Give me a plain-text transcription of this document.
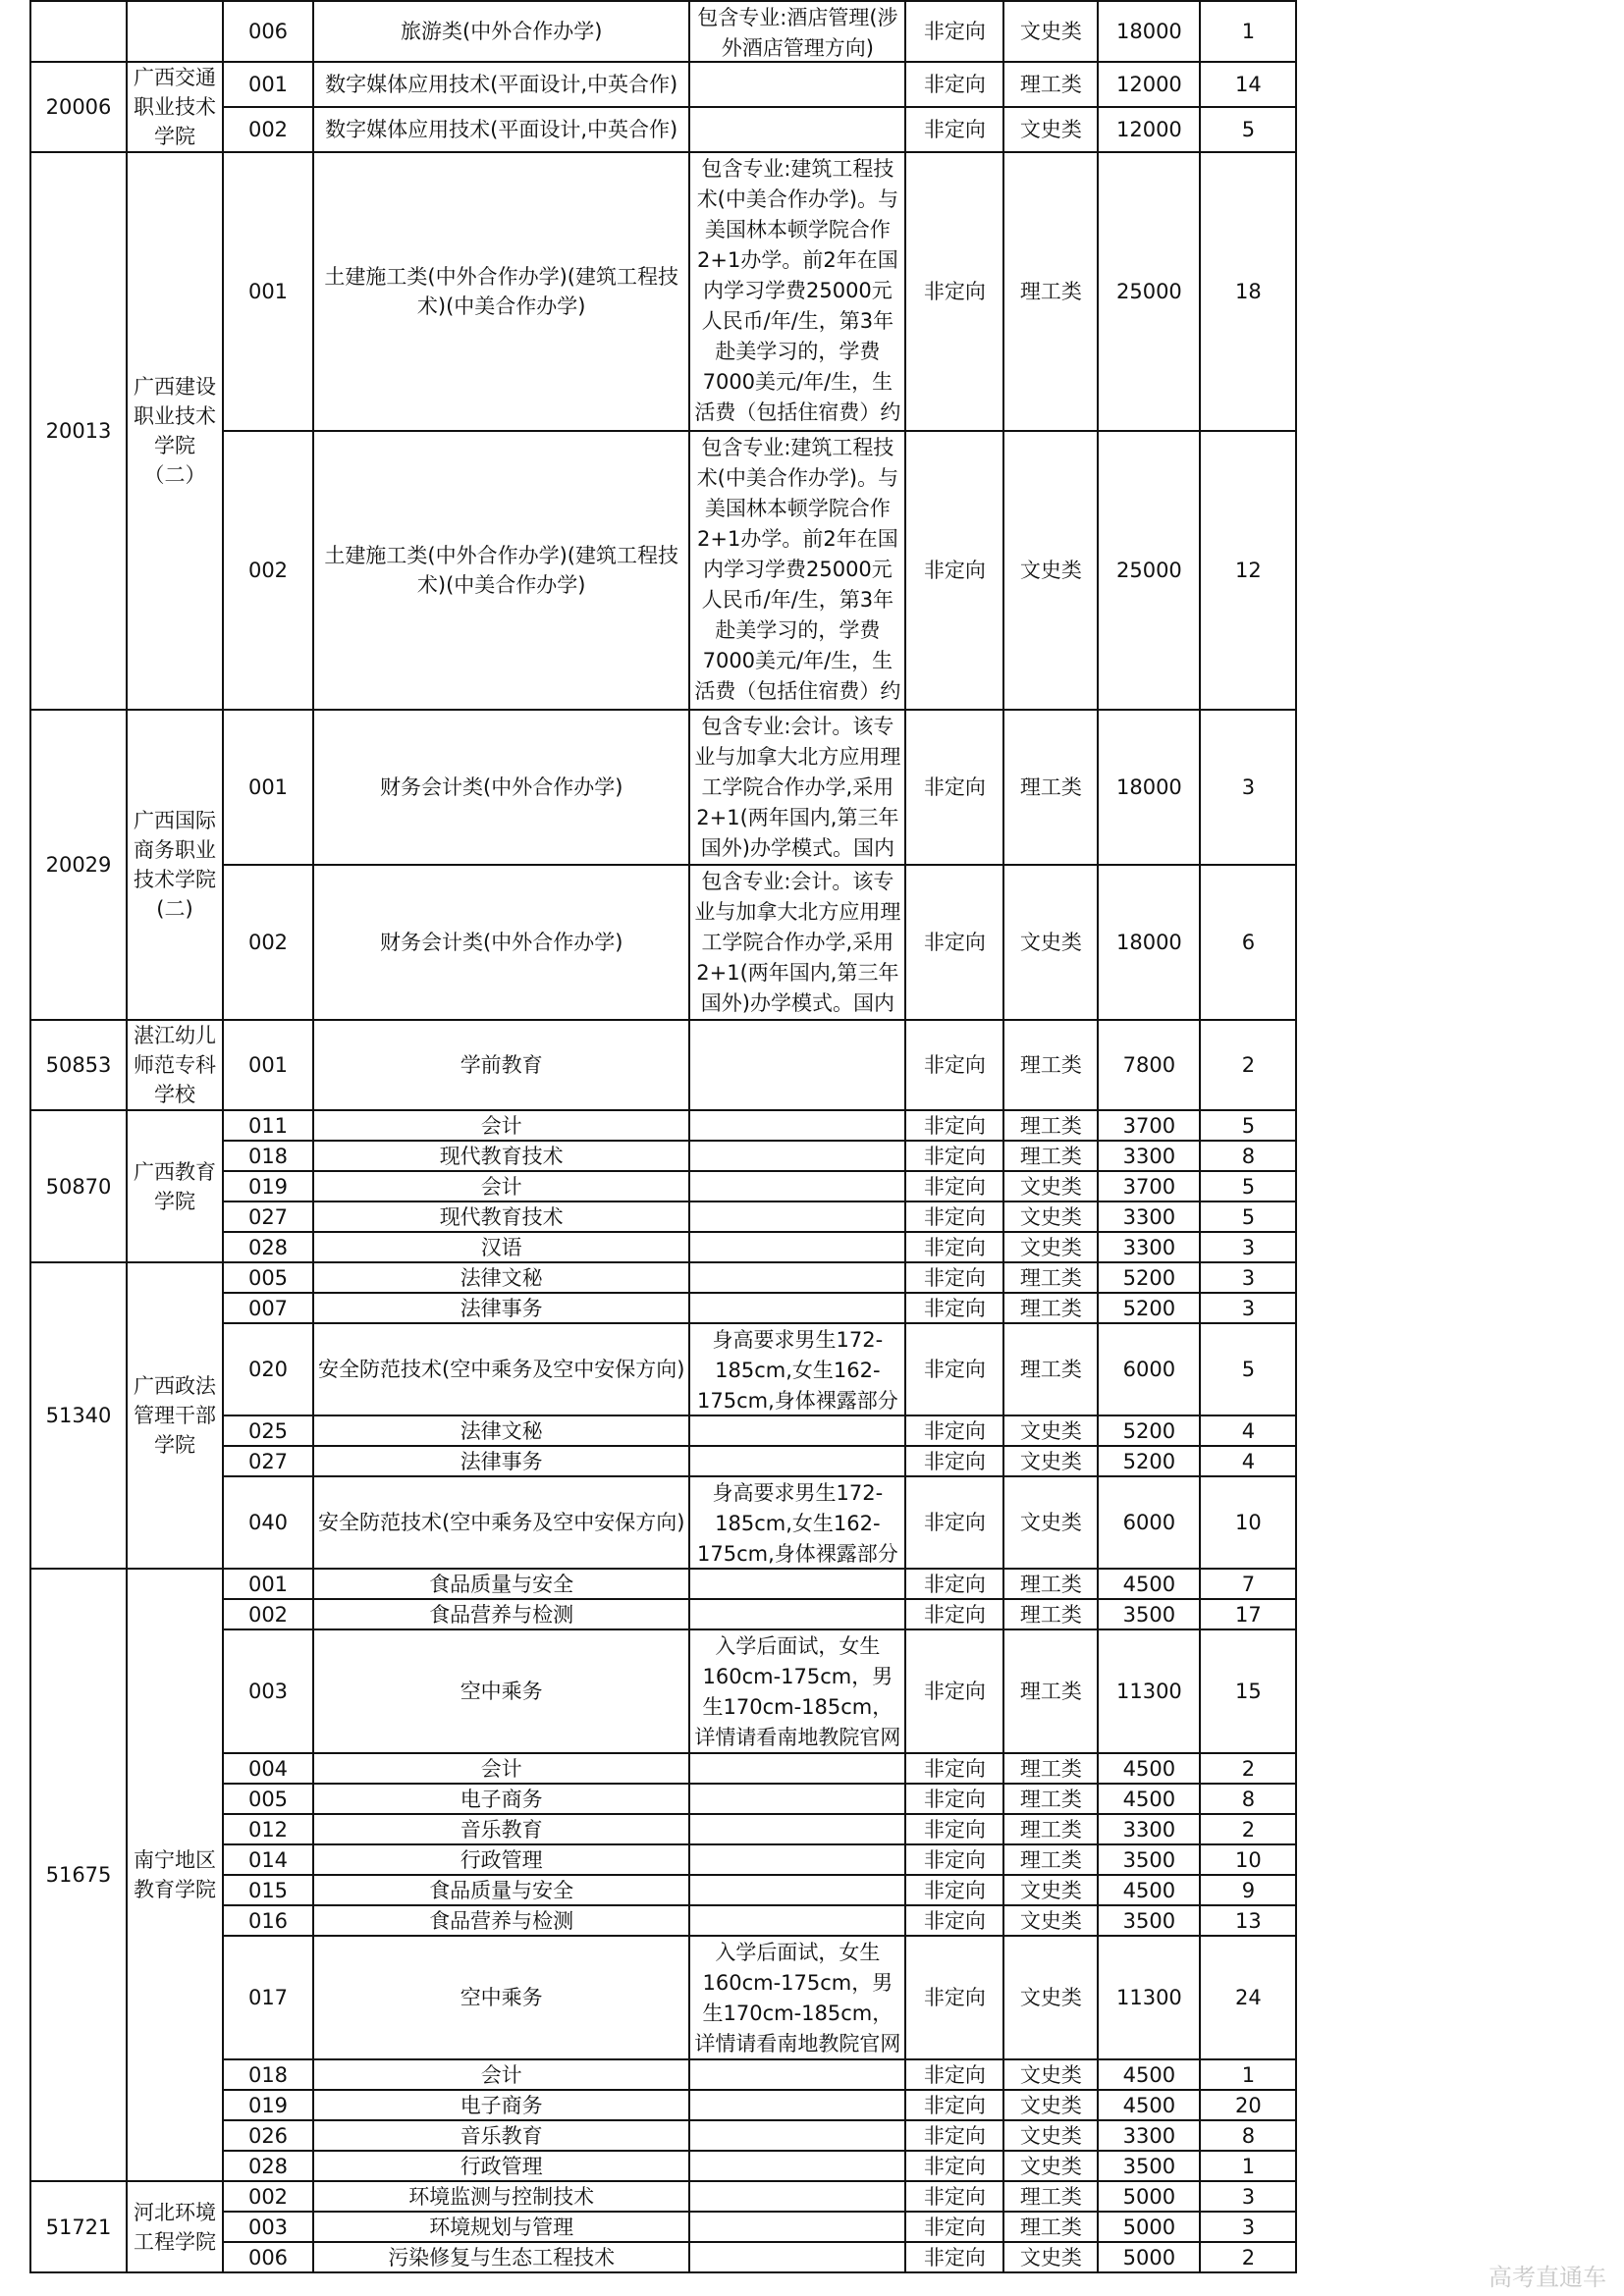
		006	旅游类(中外合作办学)	包含专业:酒店管理(涉外酒店管理方向)	非定向	文史类	18000	1
20006	广西交通职业技术学院	001	数字媒体应用技术(平面设计,中英合作)		非定向	理工类	12000	14
		002	数字媒体应用技术(平面设计,中英合作)		非定向	文史类	12000	5
20013	广西建设职业技术学院（二）	001	土建施工类(中外合作办学)(建筑工程技术)(中美合作办学)	包含专业:建筑工程技术(中美合作办学)。与美国林本顿学院合作2+1办学。前2年在国内学习学费25000元人民币/年/生，第3年赴美学习的，学费7000美元/年/生，生活费（包括住宿费）约	非定向	理工类	25000	18
		002	土建施工类(中外合作办学)(建筑工程技术)(中美合作办学)	包含专业:建筑工程技术(中美合作办学)。与美国林本顿学院合作2+1办学。前2年在国内学习学费25000元人民币/年/生，第3年赴美学习的，学费7000美元/年/生，生活费（包括住宿费）约	非定向	文史类	25000	12
20029	广西国际商务职业技术学院(二)	001	财务会计类(中外合作办学)	包含专业:会计。该专业与加拿大北方应用理工学院合作办学,采用2+1(两年国内,第三年国外)办学模式。国内	非定向	理工类	18000	3
		002	财务会计类(中外合作办学)	包含专业:会计。该专业与加拿大北方应用理工学院合作办学,采用2+1(两年国内,第三年国外)办学模式。国内	非定向	文史类	18000	6
50853	湛江幼儿师范专科学校	001	学前教育		非定向	理工类	7800	2
50870	广西教育学院	011	会计		非定向	理工类	3700	5
		018	现代教育技术		非定向	理工类	3300	8
		019	会计		非定向	文史类	3700	5
		027	现代教育技术		非定向	文史类	3300	5
		028	汉语		非定向	文史类	3300	3
51340	广西政法管理干部学院	005	法律文秘		非定向	理工类	5200	3
		007	法律事务		非定向	理工类	5200	3
		020	安全防范技术(空中乘务及空中安保方向)	身高要求男生172-185cm,女生162-175cm,身体裸露部分	非定向	理工类	6000	5
		025	法律文秘		非定向	文史类	5200	4
		027	法律事务		非定向	文史类	5200	4
		040	安全防范技术(空中乘务及空中安保方向)	身高要求男生172-185cm,女生162-175cm,身体裸露部分	非定向	文史类	6000	10
51675	南宁地区教育学院	001	食品质量与安全		非定向	理工类	4500	7
		002	食品营养与检测		非定向	理工类	3500	17
		003	空中乘务	入学后面试，女生160cm-175cm，男生170cm-185cm，详情请看南地教院官网	非定向	理工类	11300	15
		004	会计		非定向	理工类	4500	2
		005	电子商务		非定向	理工类	4500	8
		012	音乐教育		非定向	理工类	3300	2
		014	行政管理		非定向	理工类	3500	10
		015	食品质量与安全		非定向	文史类	4500	9
		016	食品营养与检测		非定向	文史类	3500	13
		017	空中乘务	入学后面试，女生160cm-175cm，男生170cm-185cm，详情请看南地教院官网	非定向	文史类	11300	24
		018	会计		非定向	文史类	4500	1
		019	电子商务		非定向	文史类	4500	20
		026	音乐教育		非定向	文史类	3300	8
		028	行政管理		非定向	文史类	3500	1
51721	河北环境工程学院	002	环境监测与控制技术		非定向	理工类	5000	3
		003	环境规划与管理		非定向	理工类	5000	3
		006	污染修复与生态工程技术		非定向	文史类	5000	2
高考直通车
